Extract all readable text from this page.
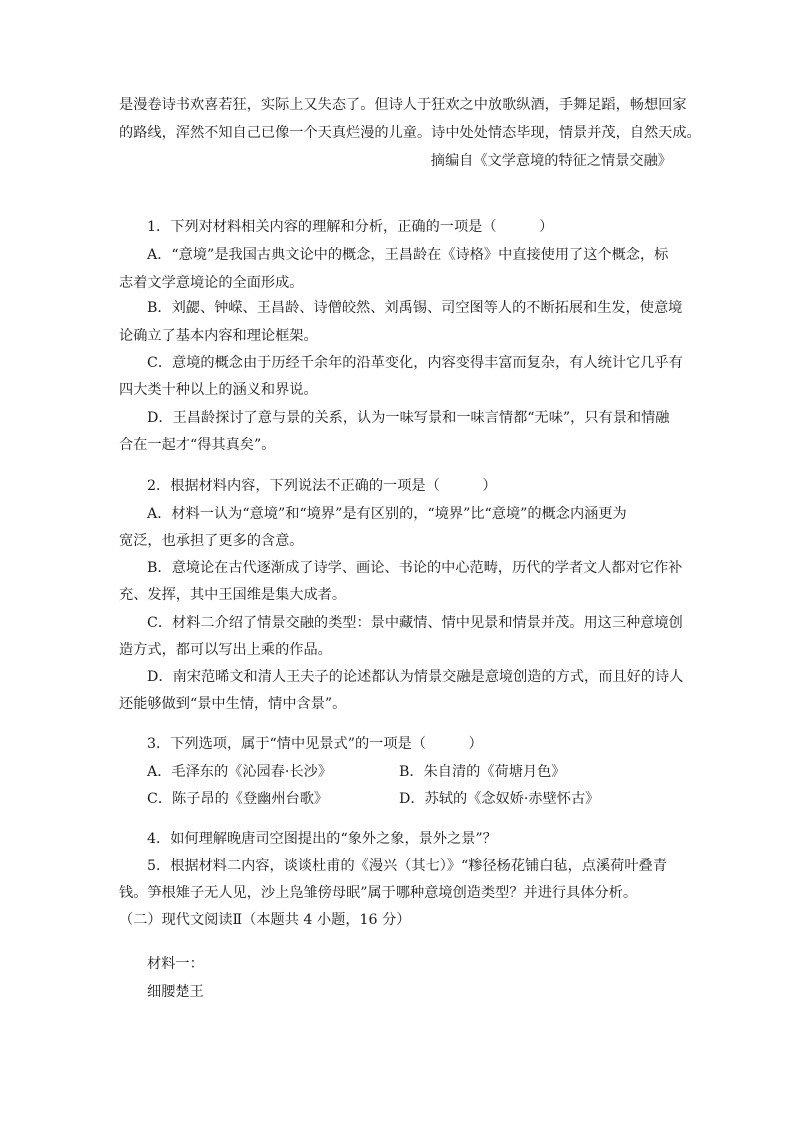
是漫卷诗书欢喜若狂，实际上又失态了。但诗人于狂欢之中放歌纵酒，手舞足蹈，畅想回家
的路线，浑然不知自己已像一个天真烂漫的儿童。诗中处处情态毕现，情景并茂，自然天成。
摘编自《文学意境的特征之情景交融》
1．下列对材料相关内容的理解和分析，正确的一项是（　　　）
A．“意境”是我国古典文论中的概念，王昌龄在《诗格》中直接使用了这个概念，标
志着文学意境论的全面形成。
B．刘勰、钟嵘、王昌龄、诗僧皎然、刘禹锡、司空图等人的不断拓展和生发，使意境
论确立了基本内容和理论框架。
C．意境的概念由于历经千余年的沿革变化，内容变得丰富而复杂，有人统计它几乎有
四大类十种以上的涵义和界说。
D．王昌龄探讨了意与景的关系，认为一味写景和一味言情都“无味”，只有景和情融
合在一起才“得其真矣”。
2．根据材料内容，下列说法不正确的一项是（　　　）
A．材料一认为“意境”和“境界”是有区别的，“境界”比“意境”的概念内涵更为
宽泛，也承担了更多的含意。
B．意境论在古代逐渐成了诗学、画论、书论的中心范畴，历代的学者文人都对它作补
充、发挥，其中王国维是集大成者。
C．材料二介绍了情景交融的类型：景中藏情、情中见景和情景并茂。用这三种意境创
造方式，都可以写出上乘的作品。
D．南宋范晞文和清人王夫子的论述都认为情景交融是意境创造的方式，而且好的诗人
还能够做到“景中生情，情中含景”。
3．下列选项，属于“情中见景式”的一项是（　　　）
A．毛泽东的《沁园春·长沙》	B．朱自清的《荷塘月色》
C．陈子昂的《登幽州台歌》	D．苏轼的《念奴娇·赤壁怀古》
4．如何理解晚唐司空图提出的“象外之象，景外之景”？
5．根据材料二内容，谈谈杜甫的《漫兴（其七）》“糁径杨花铺白毡，点溪荷叶叠青
钱。笋根雉子无人见，沙上凫雏傍母眠”属于哪种意境创造类型？并进行具体分析。
（二）现代文阅读Ⅱ（本题共 4 小题，16 分）
材料一：
细腰楚王
